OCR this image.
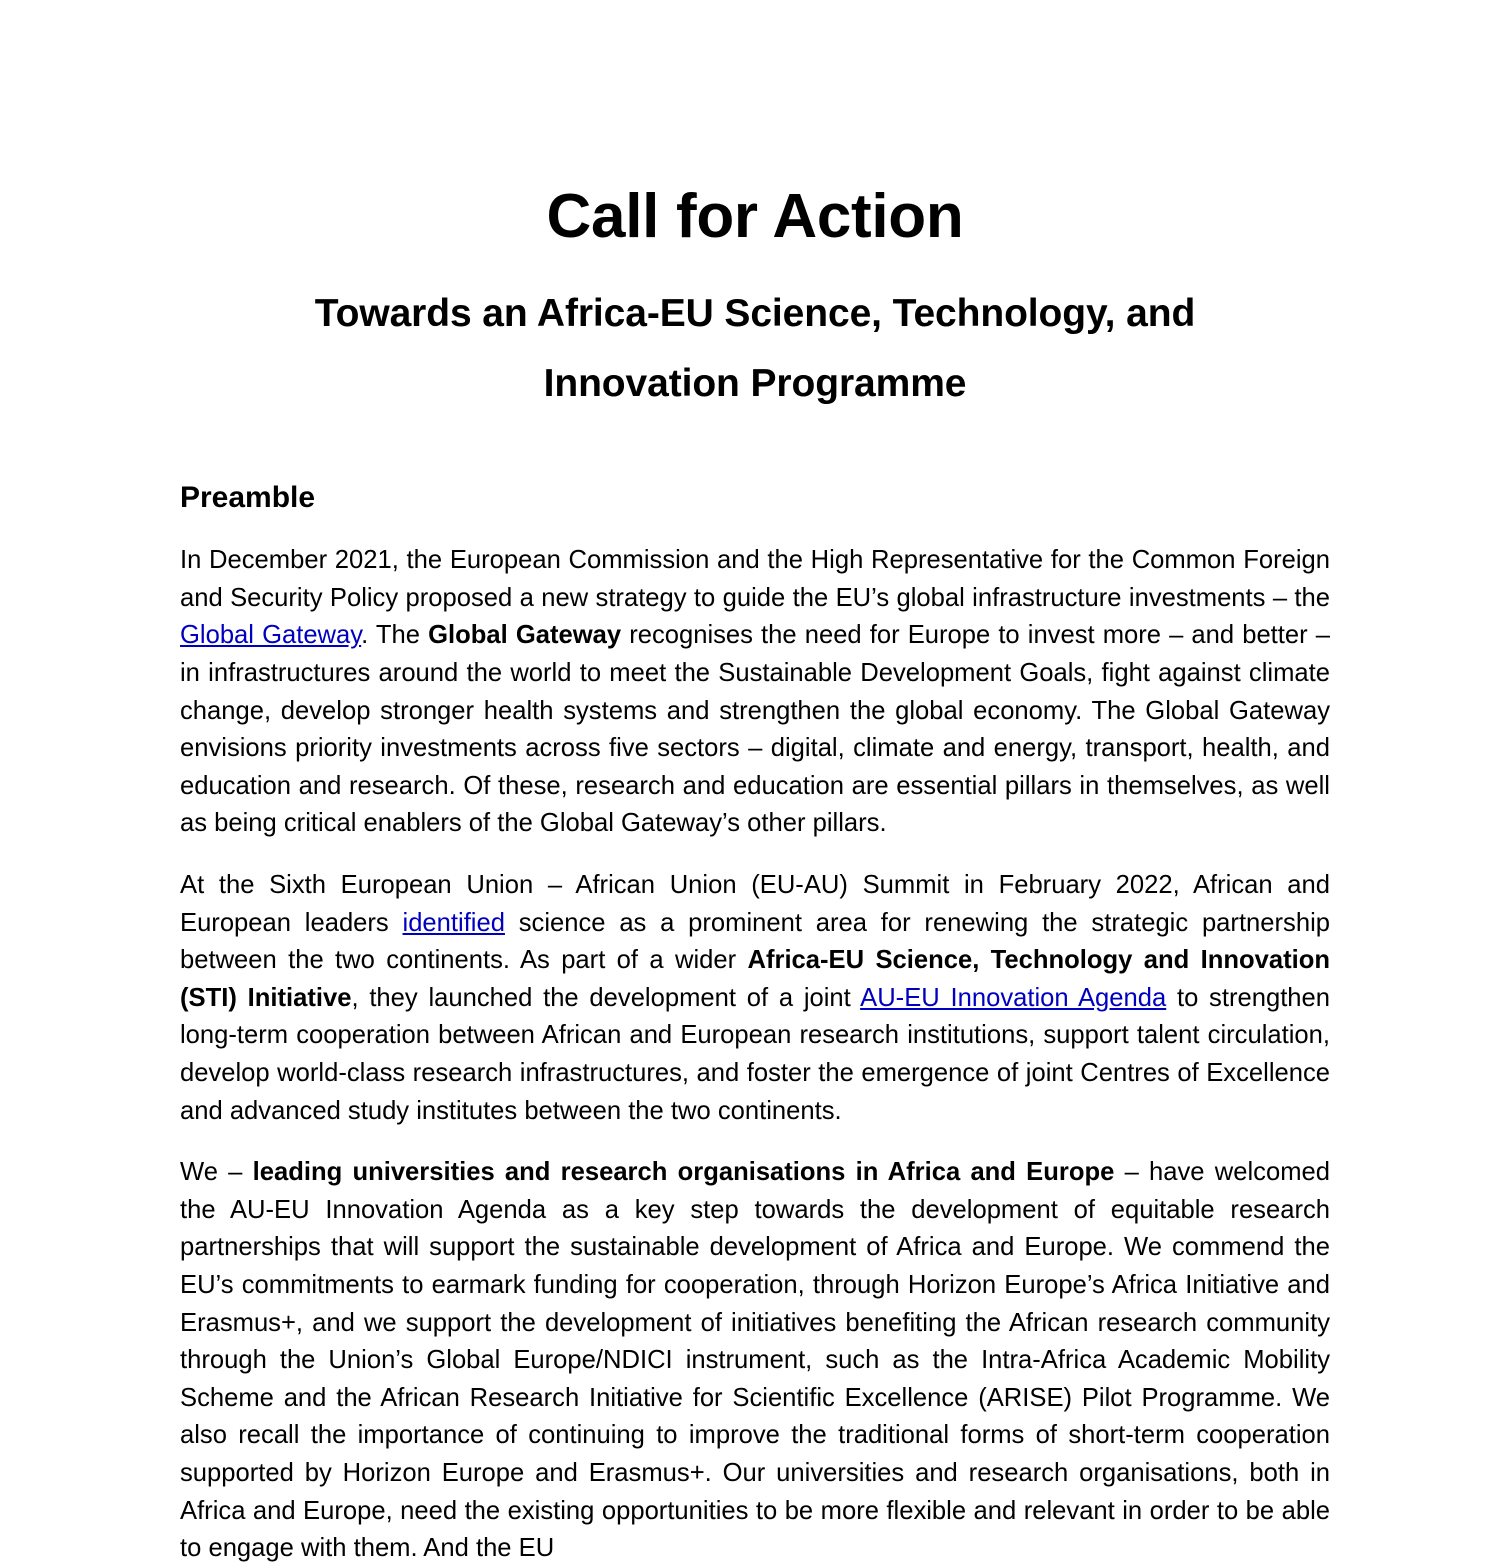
Call for Action
Towards an Africa-EU Science, Technology, and Innovation Programme
Preamble

In December 2021, the European Commission and the High Representative for the Common Foreign and Security Policy proposed a new strategy to guide the EU’s global infrastructure investments – the Global Gateway. The Global Gateway recognises the need for Europe to invest more – and better – in infrastructures around the world to meet the Sustainable Development Goals, fight against climate change, develop stronger health systems and strengthen the global economy. The Global Gateway envisions priority investments across five sectors – digital, climate and energy, transport, health, and education and research. Of these, research and education are essential pillars in themselves, as well as being critical enablers of the Global Gateway’s other pillars.

At the Sixth European Union – African Union (EU-AU) Summit in February 2022, African and European leaders identified science as a prominent area for renewing the strategic partnership between the two continents. As part of a wider Africa-EU Science, Technology and Innovation (STI) Initiative, they launched the development of a joint AU-EU Innovation Agenda to strengthen long-term cooperation between African and European research institutions, support talent circulation, develop world-class research infrastructures, and foster the emergence of joint Centres of Excellence and advanced study institutes between the two continents.

We – leading universities and research organisations in Africa and Europe – have welcomed the AU-EU Innovation Agenda as a key step towards the development of equitable research partnerships that will support the sustainable development of Africa and Europe. We commend the EU’s commitments to earmark funding for cooperation, through Horizon Europe’s Africa Initiative and Erasmus+, and we support the development of initiatives benefiting the African research community through the Union’s Global Europe/NDICI instrument, such as the Intra-Africa Academic Mobility Scheme and the African Research Initiative for Scientific Excellence (ARISE) Pilot Programme. We also recall the importance of continuing to improve the traditional forms of short-term cooperation supported by Horizon Europe and Erasmus+. Our universities and research organisations, both in Africa and Europe, need the existing opportunities to be more flexible and relevant in order to be able to engage with them. And the EU
